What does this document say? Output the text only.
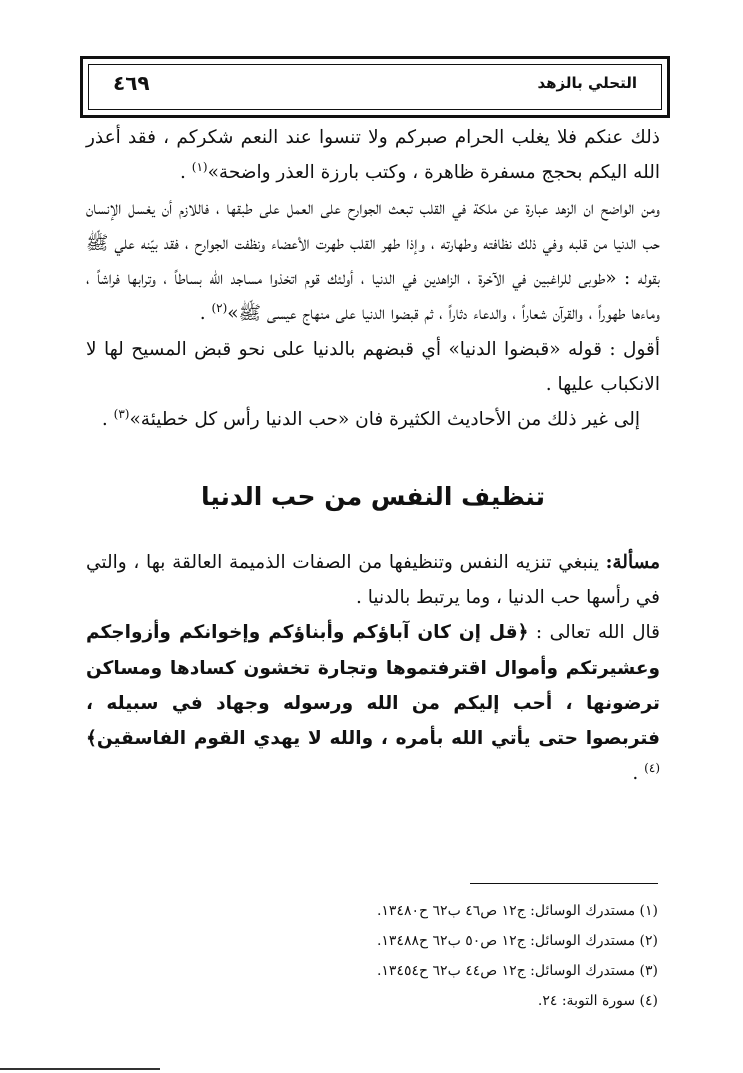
٤٦٩	التحلي بالزهد

ذلك عنكم فلا يغلب الحرام صبركم ولا تنسوا عند النعم شكركم ، فقد أعذر الله اليكم بحجج مسفرة ظاهرة ، وكتب بارزة العذر واضحة»$^{(١)}$ .

ومن الواضح ان الزهد عبارة عن ملكة في القلب تبعث الجوارح على العمل على طبقها ، فاللازم أن يغسل الإنسان حب الدنيا من قلبه وفي ذلك نظافته وطهارته ، وإذا طهر القلب طهرت الأعضاء ونظفت الجوارح ، فقد بيّنه علي ﷺ بقوله : «طوبى للراغبين في الآخرة ، الزاهدين في الدنيا ، أولئك قوم اتخذوا مساجد الله بساطاً ، وترابها فراشاً ، وماءها طهوراً ، والقرآن شعاراً ، والدعاء دثاراً ، ثم قبضوا الدنيا على منهاج عيسى ﷺ»$^{(٢)}$ .

أقول : قوله «قبضوا الدنيا» أي قبضهم بالدنيا على نحو قبض المسيح لها لا الانكباب عليها .

إلى غير ذلك من الأحاديث الكثيرة فان «حب الدنيا رأس كل خطيئة»$^{(٣)}$ .

تنظيف النفس من حب الدنيا

مسألة: ينبغي تنزيه النفس وتنظيفها من الصفات الذميمة العالقة بها ، والتي في رأسها حب الدنيا ، وما يرتبط بالدنيا .

قال الله تعالى : ﴿قل إن كان آباؤكم وأبناؤكم وإخوانكم وأزواجكم وعشيرتكم وأموال اقترفتموها وتجارة تخشون كسادها ومساكن ترضونها ، أحب إليكم من الله ورسوله وجهاد في سبيله ، فتربصوا حتى يأتي الله بأمره ، والله لا يهدي القوم الفاسقين﴾$^{(٤)}$ .

(١) مستدرك الوسائل: ج١٢ ص٤٦ ب٦٢ ح١٣٤٨٠.

(٢) مستدرك الوسائل: ج١٢ ص٥٠ ب٦٢ ح١٣٤٨٨.

(٣) مستدرك الوسائل: ج١٢ ص٤٤ ب٦٢ ح١٣٤٥٤.

(٤) سورة التوبة: ٢٤.
